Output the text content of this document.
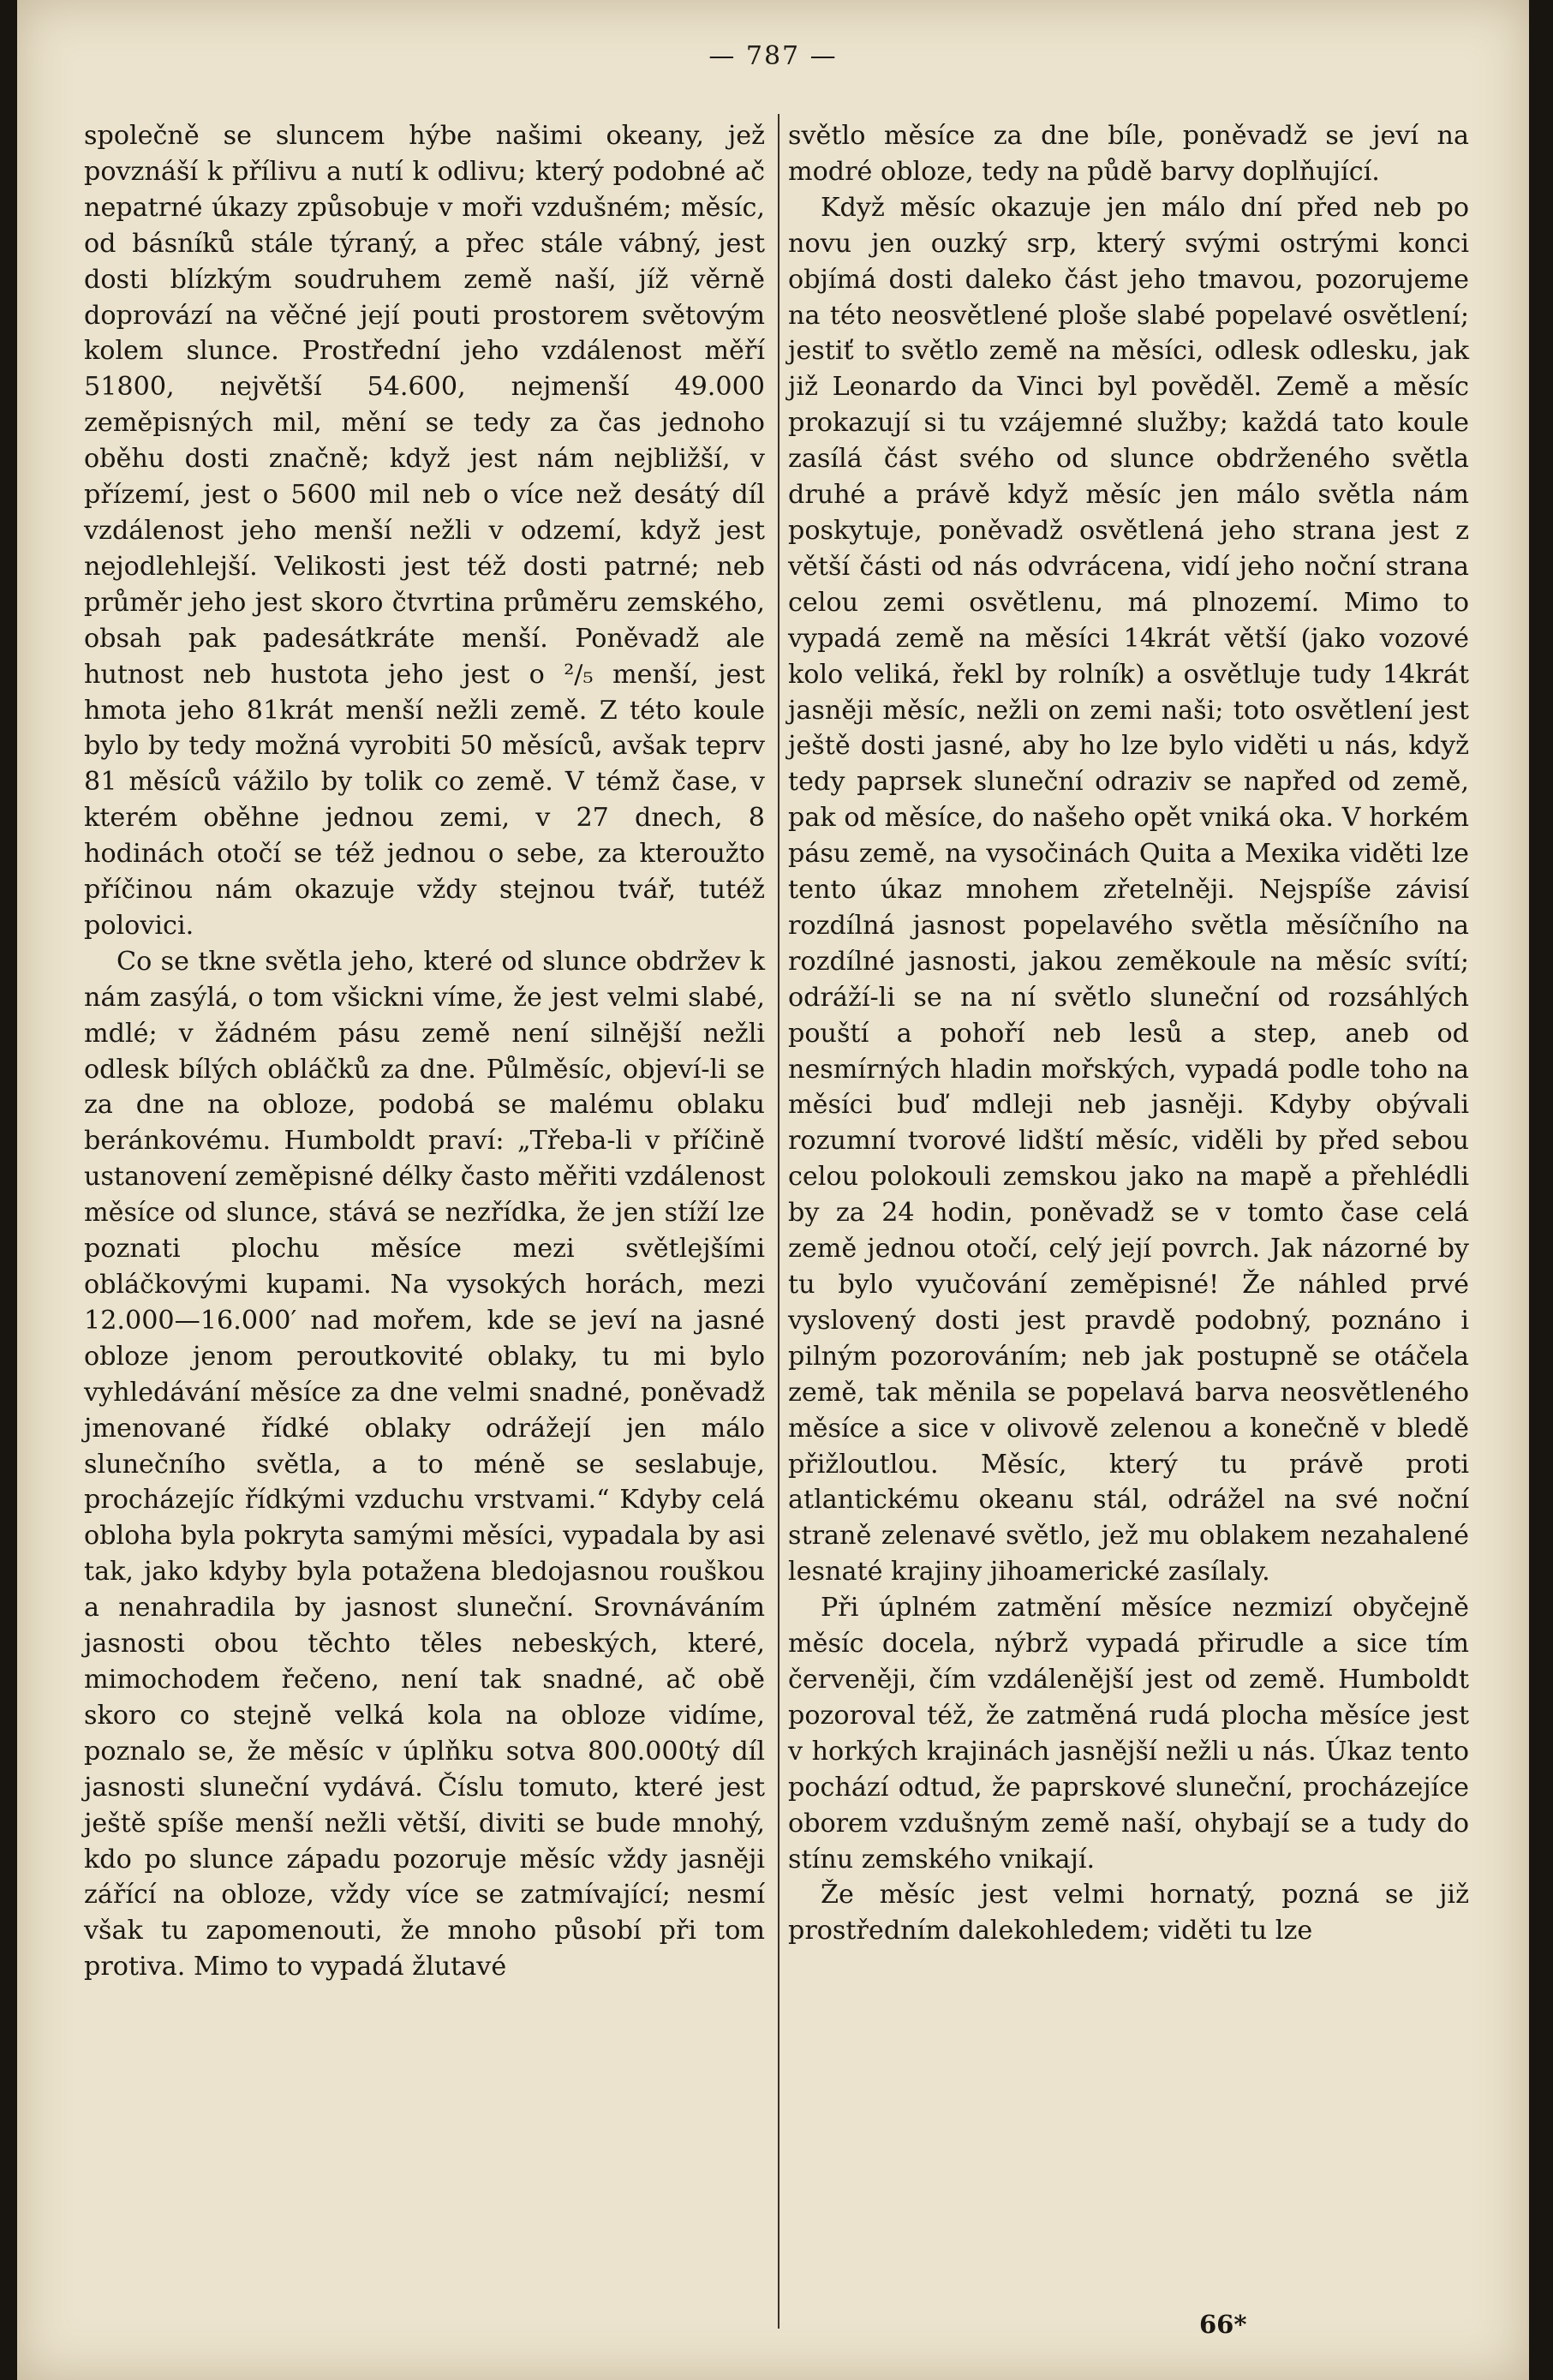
— 787 —

společně se sluncem hýbe našimi okeany, jež povznáší k přílivu a nutí k odlivu; který podobné ač nepatrné úkazy způsobuje v moři vzdušném; měsíc, od básníků stále týraný, a přec stále vábný, jest dosti blízkým soudruhem země naší, jíž věrně doprovází na věčné její pouti prostorem světovým kolem slunce. Prostřední jeho vzdálenost měří 51800, největší 54.600, nejmenší 49.000 zeměpisných mil, mění se tedy za čas jednoho oběhu dosti značně; když jest nám nejbližší, v přízemí, jest o 5600 mil neb o více než desátý díl vzdálenost jeho menší nežli v odzemí, když jest nejodlehlejší. Velikosti jest též dosti patrné; neb průměr jeho jest skoro čtvrtina průměru zemského, obsah pak padesátkráte menší. Poněvadž ale hutnost neb hustota jeho jest o ²/₅ menší, jest hmota jeho 81krát menší nežli země. Z této koule bylo by tedy možná vyrobiti 50 měsíců, avšak teprv 81 měsíců vážilo by tolik co země. V témž čase, v kterém oběhne jednou zemi, v 27 dnech, 8 hodinách otočí se též jednou o sebe, za kteroužto příčinou nám okazuje vždy stejnou tvář, tutéž polovici.

Co se tkne světla jeho, které od slunce obdržev k nám zasýlá, o tom všickni víme, že jest velmi slabé, mdlé; v žádném pásu země není silnější nežli odlesk bílých obláčků za dne. Půlměsíc, objeví-li se za dne na obloze, podobá se malému oblaku beránkovému. Humboldt praví: „Třeba-li v příčině ustanovení zeměpisné délky často měřiti vzdálenost měsíce od slunce, stává se nezřídka, že jen stíží lze poznati plochu měsíce mezi světlejšími obláčkovými kupami. Na vysokých horách, mezi 12.000—16.000′ nad mořem, kde se jeví na jasné obloze jenom peroutkovité oblaky, tu mi bylo vyhledávání měsíce za dne velmi snadné, poněvadž jmenované řídké oblaky odrážejí jen málo slunečního světla, a to méně se seslabuje, procházejíc řídkými vzduchu vrstvami.“ Kdyby celá obloha byla pokryta samými měsíci, vypadala by asi tak, jako kdyby byla potažena bledojasnou rouškou a nenahradila by jasnost sluneční. Srovnáváním jasnosti obou těchto těles nebeských, které, mimochodem řečeno, není tak snadné, ač obě skoro co stejně velká kola na obloze vidíme, poznalo se, že měsíc v úplňku sotva 800.000tý díl jasnosti sluneční vydává. Číslu tomuto, které jest ještě spíše menší nežli větší, diviti se bude mnohý, kdo po slunce západu pozoruje měsíc vždy jasněji zářící na obloze, vždy více se zatmívající; nesmí však tu zapomenouti, že mnoho působí při tom protiva. Mimo to vypadá žlutavé

světlo měsíce za dne bíle, poněvadž se jeví na modré obloze, tedy na půdě barvy doplňující.

Když měsíc okazuje jen málo dní před neb po novu jen ouzký srp, který svými ostrými konci objímá dosti daleko část jeho tmavou, pozorujeme na této neosvětlené ploše slabé popelavé osvětlení; jestiť to světlo země na měsíci, odlesk odlesku, jak již Leonardo da Vinci byl pověděl. Země a měsíc prokazují si tu vzájemné služby; každá tato koule zasílá část svého od slunce obdrženého světla druhé a právě když měsíc jen málo světla nám poskytuje, poněvadž osvětlená jeho strana jest z větší části od nás odvrácena, vidí jeho noční strana celou zemi osvětlenu, má plnozemí. Mimo to vypadá země na měsíci 14krát větší (jako vozové kolo veliká, řekl by rolník) a osvětluje tudy 14krát jasněji měsíc, nežli on zemi naši; toto osvětlení jest ještě dosti jasné, aby ho lze bylo viděti u nás, když tedy paprsek sluneční odraziv se napřed od země, pak od měsíce, do našeho opět vniká oka. V horkém pásu země, na vysočinách Quita a Mexika viděti lze tento úkaz mnohem zřetelněji. Nejspíše závisí rozdílná jasnost popelavého světla měsíčního na rozdílné jasnosti, jakou zeměkoule na měsíc svítí; odráží-li se na ní světlo sluneční od rozsáhlých pouští a pohoří neb lesů a step, aneb od nesmírných hladin mořských, vypadá podle toho na měsíci buď mdleji neb jasněji. Kdyby obývali rozumní tvorové lidští měsíc, viděli by před sebou celou polokouli zemskou jako na mapě a přehlédli by za 24 hodin, poněvadž se v tomto čase celá země jednou otočí, celý její povrch. Jak názorné by tu bylo vyučování zeměpisné! Že náhled prvé vyslovený dosti jest pravdě podobný, poznáno i pilným pozorováním; neb jak postupně se otáčela země, tak měnila se popelavá barva neosvětleného měsíce a sice v olivově zelenou a konečně v bledě přižloutlou. Měsíc, který tu právě proti atlantickému okeanu stál, odrážel na své noční straně zelenavé světlo, jež mu oblakem nezahalené lesnaté krajiny jihoamerické zasílaly.

Při úplném zatmění měsíce nezmizí obyčejně měsíc docela, nýbrž vypadá přirudle a sice tím červeněji, čím vzdálenější jest od země. Humboldt pozoroval též, že zatměná rudá plocha měsíce jest v horkých krajinách jasnější nežli u nás. Úkaz tento pochází odtud, že paprskové sluneční, procházejíce oborem vzdušným země naší, ohybají se a tudy do stínu zemského vnikají.

Že měsíc jest velmi hornatý, pozná se již prostředním dalekohledem; viděti tu lze

66*
